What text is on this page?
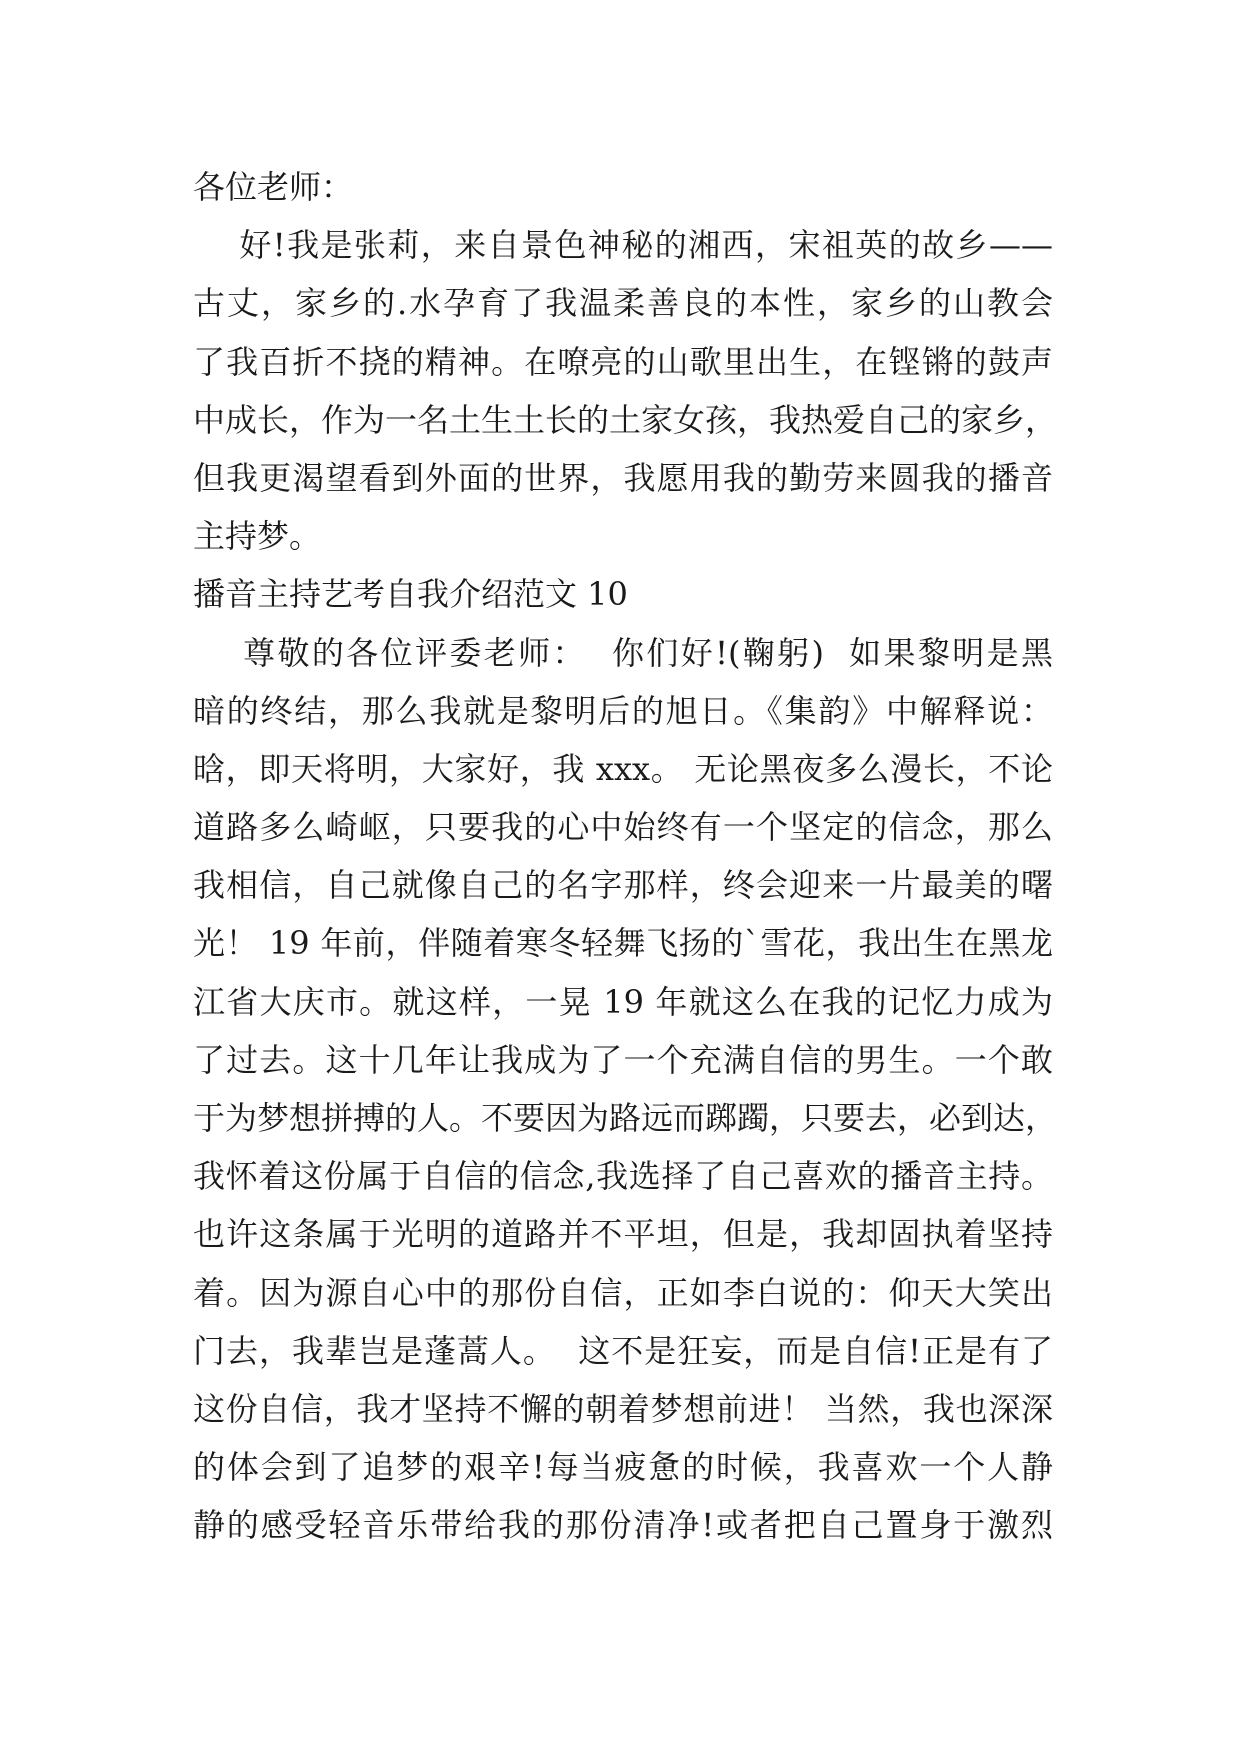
各位老师：
好!我是张莉，来自景色神秘的湘西，宋祖英的故乡——
古丈，家乡的.水孕育了我温柔善良的本性，家乡的山教会
了我百折不挠的精神。在嘹亮的山歌里出生，在铿锵的鼓声
中成长，作为一名土生土长的土家女孩，我热爱自己的家乡，
但我更渴望看到外面的世界，我愿用我的勤劳来圆我的播音
主持梦。
播音主持艺考自我介绍范文 10
尊敬的各位评委老师：  你们好!(鞠躬)  如果黎明是黑
暗的终结，那么我就是黎明后的旭日。《集韵》中解释说：
晗，即天将明，大家好，我 xxx。 无论黑夜多么漫长，不论
道路多么崎岖，只要我的心中始终有一个坚定的信念，那么
我相信，自己就像自己的名字那样，终会迎来一片最美的曙
光！ 19 年前，伴随着寒冬轻舞飞扬的`雪花，我出生在黑龙
江省大庆市。就这样，一晃 19 年就这么在我的记忆力成为
了过去。这十几年让我成为了一个充满自信的男生。一个敢
于为梦想拼搏的人。不要因为路远而踯躅，只要去，必到达，
我怀着这份属于自信的信念,我选择了自己喜欢的播音主持。
也许这条属于光明的道路并不平坦，但是，我却固执着坚持
着。因为源自心中的那份自信，正如李白说的：仰天大笑出
门去，我辈岂是蓬蒿人。  这不是狂妄，而是自信!正是有了
这份自信，我才坚持不懈的朝着梦想前进！ 当然，我也深深
的体会到了追梦的艰辛!每当疲惫的时候，我喜欢一个人静
静的感受轻音乐带给我的那份清净!或者把自己置身于激烈
